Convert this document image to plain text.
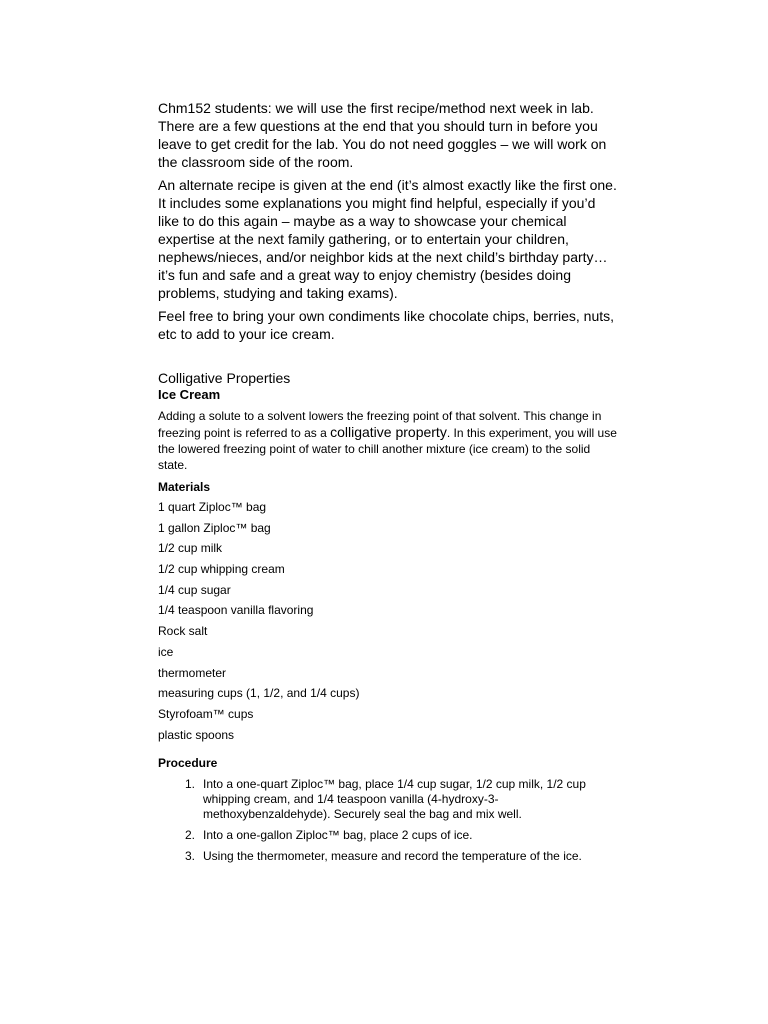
Chm152 students: we will use the first recipe/method next week in lab. There are a few questions at the end that you should turn in before you leave to get credit for the lab. You do not need goggles – we will work on the classroom side of the room.

An alternate recipe is given at the end (it’s almost exactly like the first one. It includes some explanations you might find helpful, especially if you’d like to do this again – maybe as a way to showcase your chemical expertise at the next family gathering, or to entertain your children, nephews/nieces, and/or neighbor kids at the next child’s birthday party…it’s fun and safe and a great way to enjoy chemistry (besides doing problems, studying and taking exams).

Feel free to bring your own condiments like chocolate chips, berries, nuts, etc to add to your ice cream.

Colligative Properties
Ice Cream
Adding a solute to a solvent lowers the freezing point of that solvent. This change in freezing point is referred to as a colligative property. In this experiment, you will use the lowered freezing point of water to chill another mixture (ice cream) to the solid state.
Materials
1 quart Ziploc™ bag
1 gallon Ziploc™ bag
1/2 cup milk
1/2 cup whipping cream
1/4 cup sugar
1/4 teaspoon vanilla flavoring
Rock salt
ice
thermometer
measuring cups (1, 1/2, and 1/4 cups)
Styrofoam™ cups
plastic spoons
Procedure
1. Into a one-quart Ziploc™ bag, place 1/4 cup sugar, 1/2 cup milk, 1/2 cup whipping cream, and 1/4 teaspoon vanilla (4-hydroxy-3-methoxybenzaldehyde). Securely seal the bag and mix well.
2. Into a one-gallon Ziploc™ bag, place 2 cups of ice.
3. Using the thermometer, measure and record the temperature of the ice.
